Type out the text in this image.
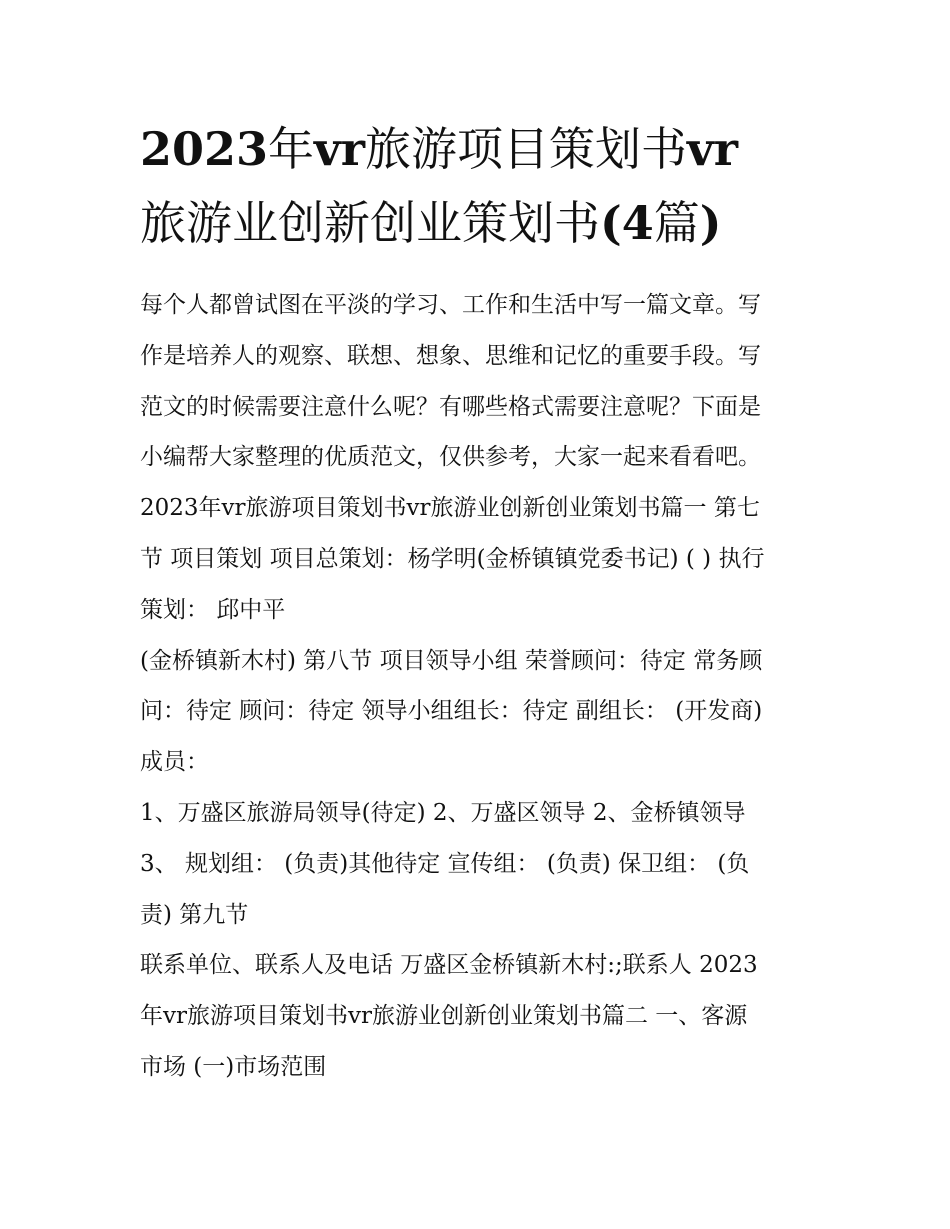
2023年vr旅游项目策划书vr
旅游业创新创业策划书(4篇)
每个人都曾试图在平淡的学习、工作和生活中写一篇文章。写
作是培养人的观察、联想、想象、思维和记忆的重要手段。写
范文的时候需要注意什么呢？有哪些格式需要注意呢？下面是
小编帮大家整理的优质范文，仅供参考，大家一起来看看吧。
2023年vr旅游项目策划书vr旅游业创新创业策划书篇一 第七
节 项目策划 项目总策划：杨学明(金桥镇镇党委书记) ( ) 执行
策划： 邱中平
(金桥镇新木村) 第八节 项目领导小组 荣誉顾问：待定 常务顾
问：待定 顾问：待定 领导小组组长：待定 副组长： (开发商)
成员：
1、万盛区旅游局领导(待定) 2、万盛区领导 2、金桥镇领导
3、 规划组： (负责)其他待定 宣传组： (负责) 保卫组： (负
责) 第九节
联系单位、联系人及电话 万盛区金桥镇新木村:;联系人 2023
年vr旅游项目策划书vr旅游业创新创业策划书篇二 一、客源
市场 (一)市场范围
